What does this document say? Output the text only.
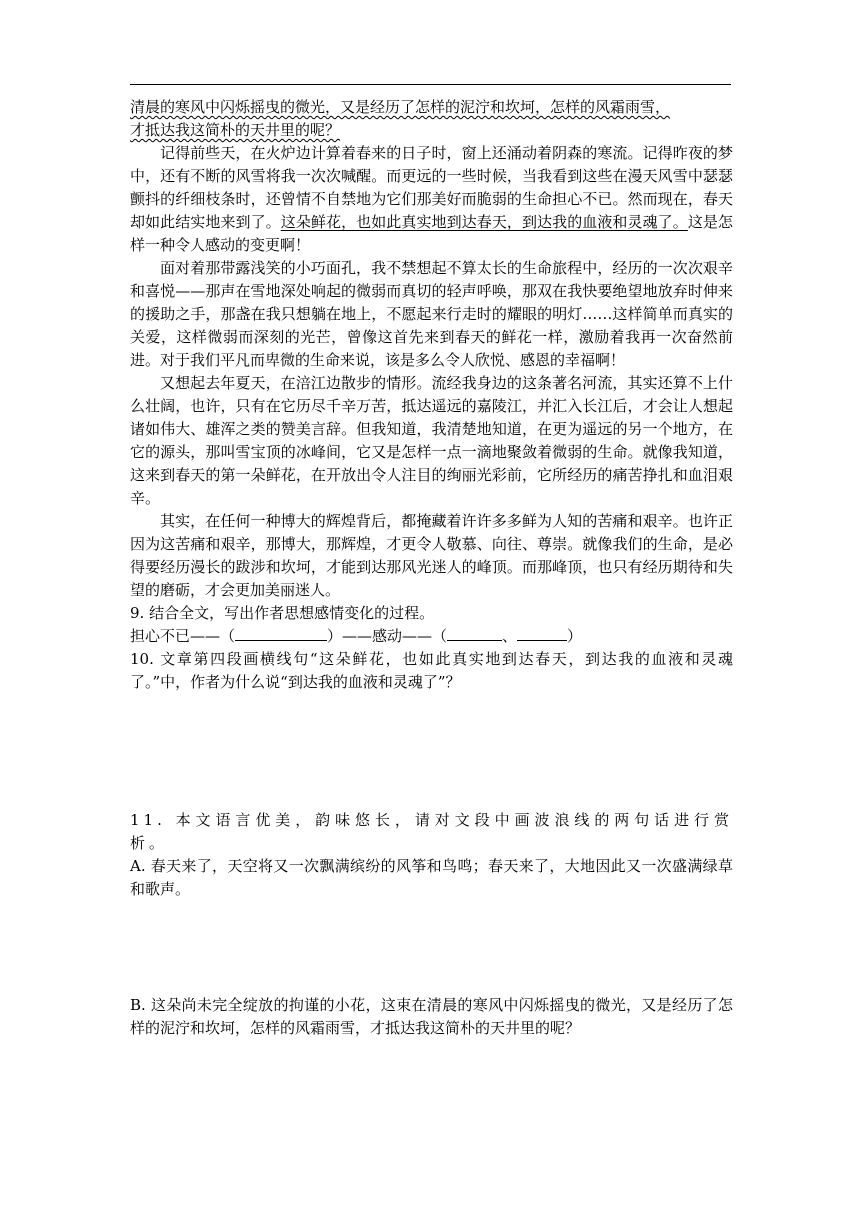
清晨的寒风中闪烁摇曳的微光，又是经历了怎样的泥泞和坎坷，怎样的风霜雨雪，
才抵达我这简朴的天井里的呢？

记得前些天，在火炉边计算着春来的日子时，窗上还涌动着阴森的寒流。记得昨夜的梦中，还有不断的风雪将我一次次喊醒。而更远的一些时候，当我看到这些在漫天风雪中瑟瑟颤抖的纤细枝条时，还曾情不自禁地为它们那美好而脆弱的生命担心不已。然而现在，春天却如此结实地来到了。这朵鲜花，也如此真实地到达春天，到达我的血液和灵魂了。这是怎样一种令人感动的变更啊！

面对着那带露浅笑的小巧面孔，我不禁想起不算太长的生命旅程中，经历的一次次艰辛和喜悦——那声在雪地深处响起的微弱而真切的轻声呼唤，那双在我快要绝望地放弃时伸来的援助之手，那盏在我只想躺在地上，不愿起来行走时的耀眼的明灯……这样简单而真实的关爱，这样微弱而深刻的光芒，曾像这首先来到春天的鲜花一样，激励着我再一次奋然前进。对于我们平凡而卑微的生命来说，该是多么令人欣悦、感恩的幸福啊！

又想起去年夏天，在涪江边散步的情形。流经我身边的这条著名河流，其实还算不上什么壮阔，也许，只有在它历尽千辛万苦，抵达遥远的嘉陵江，并汇入长江后，才会让人想起诸如伟大、雄浑之类的赞美言辞。但我知道，我清楚地知道，在更为遥远的另一个地方，在它的源头，那叫雪宝顶的冰峰间，它又是怎样一点一滴地聚敛着微弱的生命。就像我知道，这来到春天的第一朵鲜花，在开放出令人注目的绚丽光彩前，它所经历的痛苦挣扎和血泪艰辛。

其实，在任何一种博大的辉煌背后，都掩藏着许许多多鲜为人知的苦痛和艰辛。也许正因为这苦痛和艰辛，那博大，那辉煌，才更令人敬慕、向往、尊崇。就像我们的生命，是必得要经历漫长的跋涉和坎坷，才能到达那风光迷人的峰顶。而那峰顶，也只有经历期待和失望的磨砺，才会更加美丽迷人。

9. 结合全文，写出作者思想感情变化的过程。

担心不已——（	）——感动——（	、	）

10. 文章第四段画横线句“这朵鲜花，也如此真实地到达春天，到达我的血液和灵魂了。”中，作者为什么说“到达我的血液和灵魂了”？

11. 本文语言优美，韵味悠长，请对文段中画波浪线的两句话进行赏析。

A. 春天来了，天空将又一次飘满缤纷的风筝和鸟鸣；春天来了，大地因此又一次盛满绿草和歌声。

B. 这朵尚未完全绽放的拘谨的小花，这束在清晨的寒风中闪烁摇曳的微光，又是经历了怎样的泥泞和坎坷，怎样的风霜雨雪，才抵达我这简朴的天井里的呢？
